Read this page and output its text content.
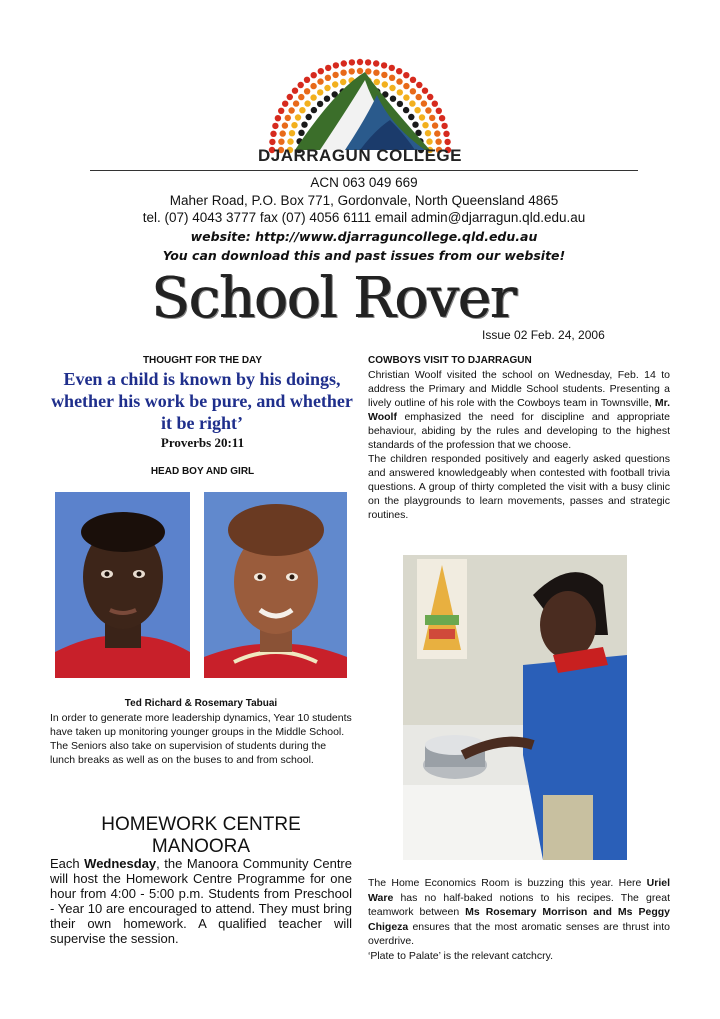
DJARRAGUN COLLEGE
ACN 063 049 669
Maher Road, P.O. Box 771, Gordonvale, North Queensland 4865
tel. (07) 4043 3777 fax (07) 4056 6111 email admin@djarragun.qld.edu.au
website: http://www.djarraguncollege.qld.edu.au
You can download this and past issues from our website!
School Rover
Issue 02 Feb. 24, 2006
THOUGHT FOR THE DAY
Even a child is known by his doings, whether his work be pure, and whether it be right’
Proverbs 20:11
HEAD BOY AND GIRL
Ted Richard & Rosemary Tabuai

In order to generate more leadership dynamics, Year 10 students have taken up monitoring younger groups in the Middle School.

The Seniors also take on supervision of students during the lunch breaks as well as on the buses to and from school.

HOMEWORK CENTRE MANOORA
Each Wednesday, the Manoora Community Centre will host the Homework Centre Programme for one hour from 4:00 - 5:00 p.m. Students from Preschool - Year 10 are encouraged to attend. They must bring their own homework. A qualified teacher will supervise the session.
COWBOYS VISIT TO DJARRAGUN

Christian Woolf visited the school on Wednesday, Feb. 14 to address the Primary and Middle School students. Presenting a lively outline of his role with the Cowboys team in Townsville, Mr. Woolf emphasized the need for discipline and appropriate behaviour, abiding by the rules and developing to the highest standards of the profession that we choose.

The children responded positively and eagerly asked questions and answered knowledgeably when contested with football trivia questions. A group of thirty completed the visit with a busy clinic on the playgrounds to learn movements, passes and strategic routines.

The Home Economics Room is buzzing this year. Here Uriel Ware has no half-baked notions to his recipes. The great teamwork between Ms Rosemary Morrison and Ms Peggy Chigeza ensures that the most aromatic senses are thrust into overdrive.

‘Plate to Palate’ is the relevant catchcry.
